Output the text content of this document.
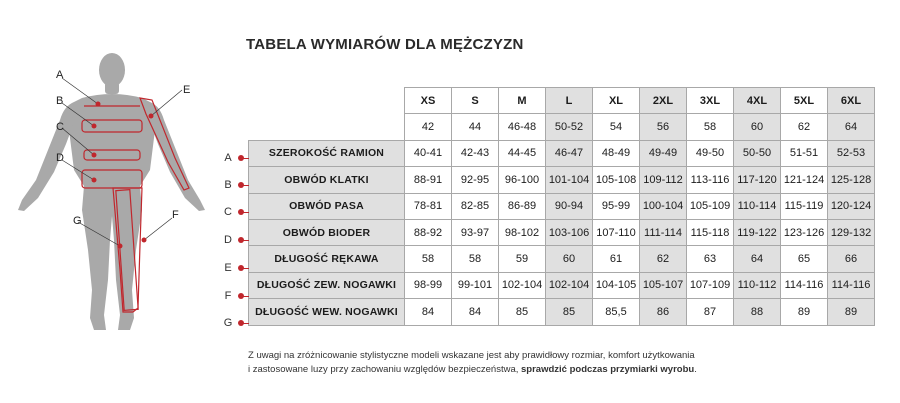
A
B
C
D
E
F
G
TABELA WYMIARÓW DLA MĘŻCZYZN
	XS	S	M	L	XL	2XL	3XL	4XL	5XL	6XL
	42	44	46-48	50-52	54	56	58	60	62	64
SZEROKOŚĆ RAMION	40-41	42-43	44-45	46-47	48-49	49-49	49-50	50-50	51-51	52-53
OBWÓD KLATKI	88-91	92-95	96-100	101-104	105-108	109-112	113-116	117-120	121-124	125-128
OBWÓD PASA	78-81	82-85	86-89	90-94	95-99	100-104	105-109	110-114	115-119	120-124
OBWÓD BIODER	88-92	93-97	98-102	103-106	107-110	111-114	115-118	119-122	123-126	129-132
DŁUGOŚĆ RĘKAWA	58	58	59	60	61	62	63	64	65	66
DŁUGOŚĆ ZEW. NOGAWKI	98-99	99-101	102-104	102-104	104-105	105-107	107-109	110-112	114-116	114-116
DŁUGOŚĆ WEW. NOGAWKI	84	84	85	85	85,5	86	87	88	89	89
A
B
C
D
E
F
G
Z uwagi na zróżnicowanie stylistyczne modeli wskazane jest aby prawidłowy rozmiar, komfort użytkowania
i zastosowane luzy przy zachowaniu względów bezpieczeństwa, sprawdzić podczas przymiarki wyrobu.
